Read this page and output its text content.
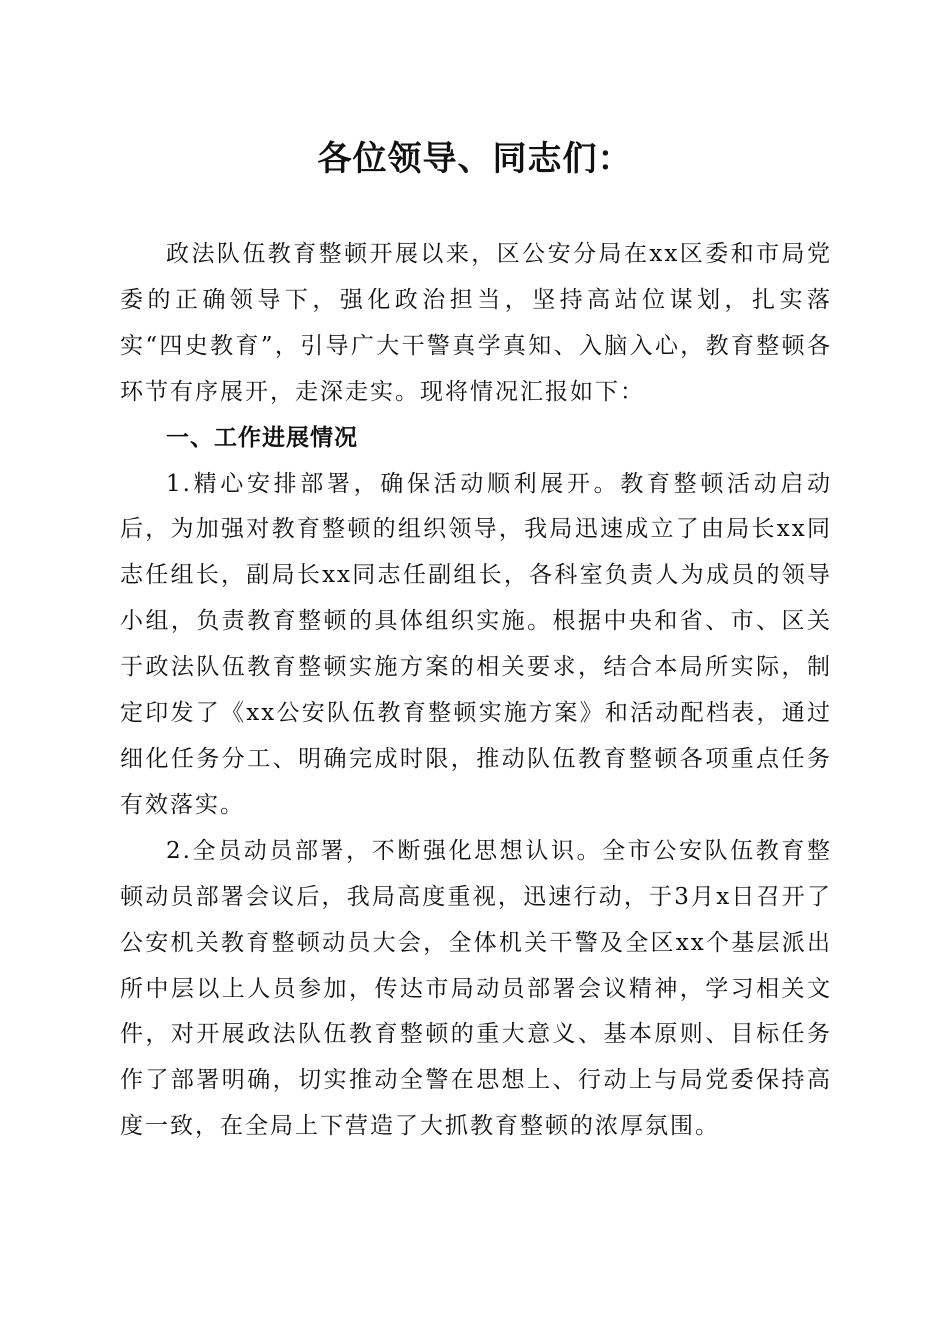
各位领导、同志们：

政法队伍教育整顿开展以来，区公安分局在xx区委和市局党委的正确领导下，强化政治担当，坚持高站位谋划，扎实落实“四史教育”，引导广大干警真学真知、入脑入心，教育整顿各环节有序展开，走深走实。现将情况汇报如下：

一、工作进展情况

1.精心安排部署，确保活动顺利展开。教育整顿活动启动后，为加强对教育整顿的组织领导，我局迅速成立了由局长xx同志任组长，副局长xx同志任副组长，各科室负责人为成员的领导小组，负责教育整顿的具体组织实施。根据中央和省、市、区关于政法队伍教育整顿实施方案的相关要求，结合本局所实际，制定印发了《xx公安队伍教育整顿实施方案》和活动配档表，通过细化任务分工、明确完成时限，推动队伍教育整顿各项重点任务有效落实。

2.全员动员部署，不断强化思想认识。全市公安队伍教育整顿动员部署会议后，我局高度重视，迅速行动，于3月x日召开了公安机关教育整顿动员大会，全体机关干警及全区xx个基层派出所中层以上人员参加，传达市局动员部署会议精神，学习相关文件，对开展政法队伍教育整顿的重大意义、基本原则、目标任务作了部署明确，切实推动全警在思想上、行动上与局党委保持高度一致，在全局上下营造了大抓教育整顿的浓厚氛围。
